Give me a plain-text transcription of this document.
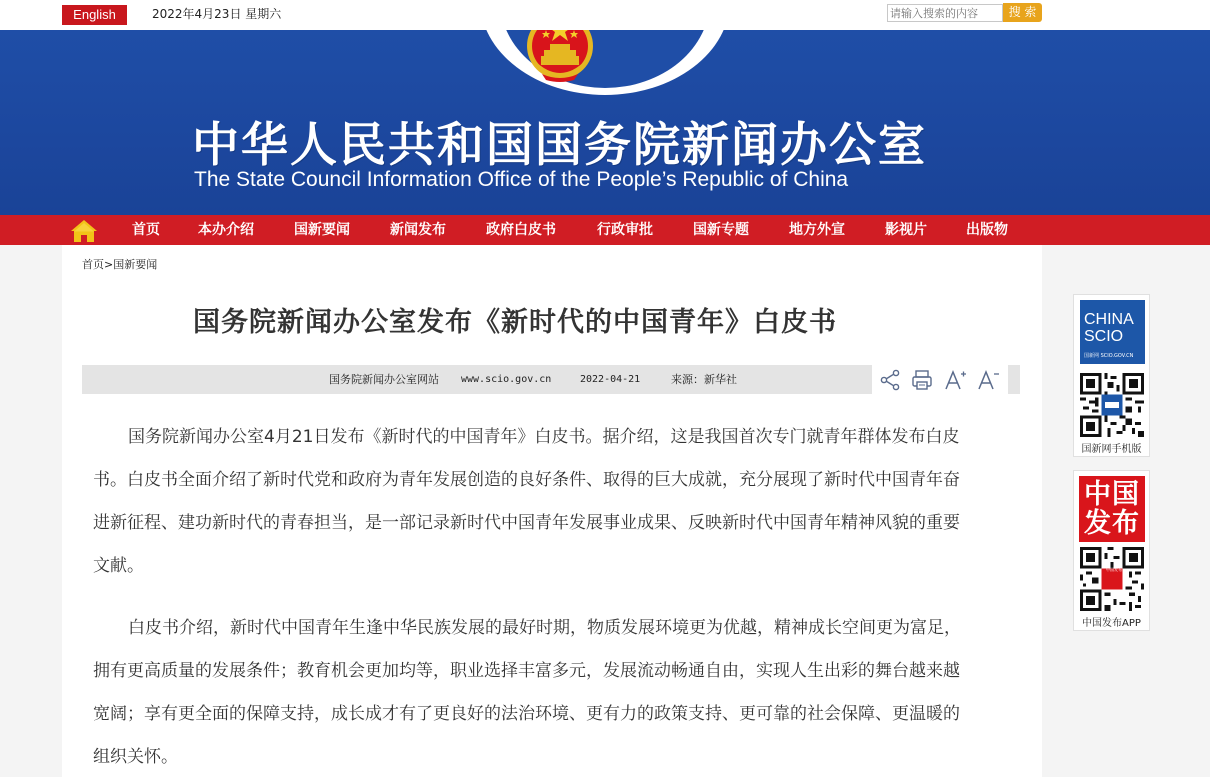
English	2022年4月23日 星期六
请输入搜索的内容	搜 索
中华人民共和国国务院新闻办公室
The State Council Information Office of the People’s Republic of China
首页	本办介绍	国新要闻	新闻发布	政府白皮书	行政审批	国新专题	地方外宣	影视片	出版物
首页>国新要闻
国务院新闻办公室发布《新时代的中国青年》白皮书
国务院新闻办公室网站 www.scio.gov.cn	2022-04-21	来源：新华社
国务院新闻办公室4月21日发布《新时代的中国青年》白皮书。据介绍，这是我国首次专门就青年群体发布白皮
书。白皮书全面介绍了新时代党和政府为青年发展创造的良好条件、取得的巨大成就，充分展现了新时代中国青年奋
进新征程、建功新时代的青春担当，是一部记录新时代中国青年发展事业成果、反映新时代中国青年精神风貌的重要
文献。
白皮书介绍，新时代中国青年生逢中华民族发展的最好时期，物质发展环境更为优越，精神成长空间更为富足，
拥有更高质量的发展条件；教育机会更加均等，职业选择丰富多元，发展流动畅通自由，实现人生出彩的舞台越来越
宽阔；享有更全面的保障支持，成长成才有了更良好的法治环境、更有力的政策支持、更可靠的社会保障、更温暖的
组织关怀。
CHINA
SCIO
国新网 SCIO.GOV.CN
国新网手机版
中国
发布
中国发布
中国发布APP
